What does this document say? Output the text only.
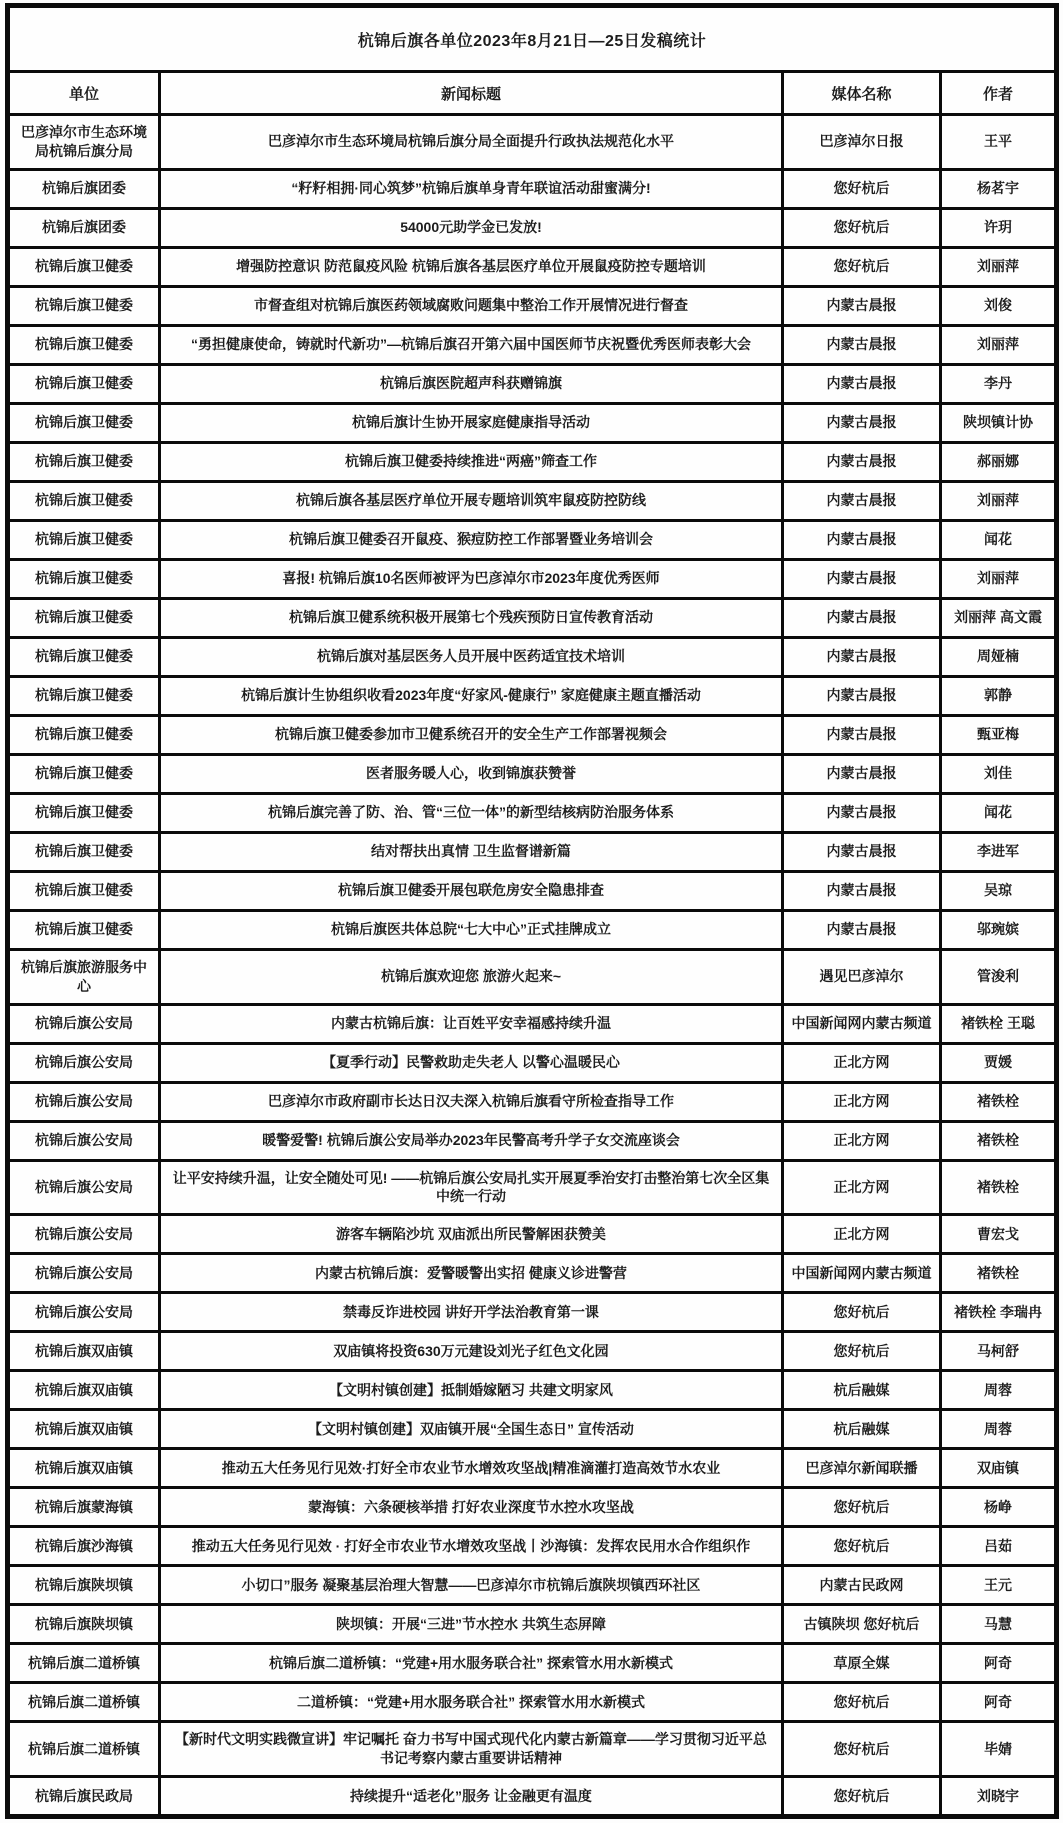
杭锦后旗各单位2023年8月21日—25日发稿统计			
单位	新闻标题	媒体名称	作者
巴彦淖尔市生态环境局杭锦后旗分局	巴彦淖尔市生态环境局杭锦后旗分局全面提升行政执法规范化水平	巴彦淖尔日报	王平
杭锦后旗团委	“籽籽相拥·同心筑梦”杭锦后旗单身青年联谊活动甜蜜满分!	您好杭后	杨茗宇
杭锦后旗团委	54000元助学金已发放!	您好杭后	许玥
杭锦后旗卫健委	增强防控意识 防范鼠疫风险 杭锦后旗各基层医疗单位开展鼠疫防控专题培训	您好杭后	刘丽萍
杭锦后旗卫健委	市督查组对杭锦后旗医药领域腐败问题集中整治工作开展情况进行督查	内蒙古晨报	刘俊
杭锦后旗卫健委	“勇担健康使命，铸就时代新功”—杭锦后旗召开第六届中国医师节庆祝暨优秀医师表彰大会	内蒙古晨报	刘丽萍
杭锦后旗卫健委	杭锦后旗医院超声科获赠锦旗	内蒙古晨报	李丹
杭锦后旗卫健委	杭锦后旗计生协开展家庭健康指导活动	内蒙古晨报	陕坝镇计协
杭锦后旗卫健委	杭锦后旗卫健委持续推进“两癌”筛查工作	内蒙古晨报	郝丽娜
杭锦后旗卫健委	杭锦后旗各基层医疗单位开展专题培训筑牢鼠疫防控防线	内蒙古晨报	刘丽萍
杭锦后旗卫健委	杭锦后旗卫健委召开鼠疫、猴痘防控工作部署暨业务培训会	内蒙古晨报	闻花
杭锦后旗卫健委	喜报! 杭锦后旗10名医师被评为巴彦淖尔市2023年度优秀医师	内蒙古晨报	刘丽萍
杭锦后旗卫健委	杭锦后旗卫健系统积极开展第七个残疾预防日宣传教育活动	内蒙古晨报	刘丽萍 高文霞
杭锦后旗卫健委	杭锦后旗对基层医务人员开展中医药适宜技术培训	内蒙古晨报	周娅楠
杭锦后旗卫健委	杭锦后旗计生协组织收看2023年度“好家风-健康行” 家庭健康主题直播活动	内蒙古晨报	郭静
杭锦后旗卫健委	杭锦后旗卫健委参加市卫健系统召开的安全生产工作部署视频会	内蒙古晨报	甄亚梅
杭锦后旗卫健委	医者服务暖人心，收到锦旗获赞誉	内蒙古晨报	刘佳
杭锦后旗卫健委	杭锦后旗完善了防、治、管“三位一体”的新型结核病防治服务体系	内蒙古晨报	闻花
杭锦后旗卫健委	结对帮扶出真情 卫生监督谱新篇	内蒙古晨报	李进军
杭锦后旗卫健委	杭锦后旗卫健委开展包联危房安全隐患排查	内蒙古晨报	吴琼
杭锦后旗卫健委	杭锦后旗医共体总院“七大中心”正式挂牌成立	内蒙古晨报	邬琬嫔
杭锦后旗旅游服务中心	杭锦后旗欢迎您 旅游火起来~	遇见巴彦淖尔	管浚利
杭锦后旗公安局	内蒙古杭锦后旗：让百姓平安幸福感持续升温	中国新闻网内蒙古频道	褚铁栓 王聪
杭锦后旗公安局	【夏季行动】民警救助走失老人 以警心温暖民心	正北方网	贾媛
杭锦后旗公安局	巴彦淖尔市政府副市长达日汉夫深入杭锦后旗看守所检查指导工作	正北方网	褚铁栓
杭锦后旗公安局	暖警爱警! 杭锦后旗公安局举办2023年民警高考升学子女交流座谈会	正北方网	褚铁栓
杭锦后旗公安局	让平安持续升温，让安全随处可见! ——杭锦后旗公安局扎实开展夏季治安打击整治第七次全区集中统一行动	正北方网	褚铁栓
杭锦后旗公安局	游客车辆陷沙坑 双庙派出所民警解困获赞美	正北方网	曹宏戈
杭锦后旗公安局	内蒙古杭锦后旗：爱警暖警出实招 健康义诊进警营	中国新闻网内蒙古频道	褚铁栓
杭锦后旗公安局	禁毒反诈进校园 讲好开学法治教育第一课	您好杭后	褚铁栓 李瑞冉
杭锦后旗双庙镇	双庙镇将投资630万元建设刘光子红色文化园	您好杭后	马柯舒
杭锦后旗双庙镇	【文明村镇创建】抵制婚嫁陋习 共建文明家风	杭后融媒	周蓉
杭锦后旗双庙镇	【文明村镇创建】双庙镇开展“全国生态日” 宣传活动	杭后融媒	周蓉
杭锦后旗双庙镇	推动五大任务见行见效·打好全市农业节水增效攻坚战|精准滴灌打造高效节水农业	巴彦淖尔新闻联播	双庙镇
杭锦后旗蒙海镇	蒙海镇：六条硬核举措 打好农业深度节水控水攻坚战	您好杭后	杨峥
杭锦后旗沙海镇	推动五大任务见行见效 · 打好全市农业节水增效攻坚战丨沙海镇：发挥农民用水合作组织作	您好杭后	吕茹
杭锦后旗陕坝镇	小切口”服务 凝聚基层治理大智慧——巴彦淖尔市杭锦后旗陕坝镇西环社区	内蒙古民政网	王元
杭锦后旗陕坝镇	陕坝镇：开展“三进”节水控水 共筑生态屏障	古镇陕坝 您好杭后	马慧
杭锦后旗二道桥镇	杭锦后旗二道桥镇：“党建+用水服务联合社” 探索管水用水新模式	草原全媒	阿奇
杭锦后旗二道桥镇	二道桥镇：“党建+用水服务联合社” 探索管水用水新模式	您好杭后	阿奇
杭锦后旗二道桥镇	【新时代文明实践微宣讲】牢记嘱托 奋力书写中国式现代化内蒙古新篇章——学习贯彻习近平总书记考察内蒙古重要讲话精神	您好杭后	毕婧
杭锦后旗民政局	持续提升“适老化”服务 让金融更有温度	您好杭后	刘晓宇
